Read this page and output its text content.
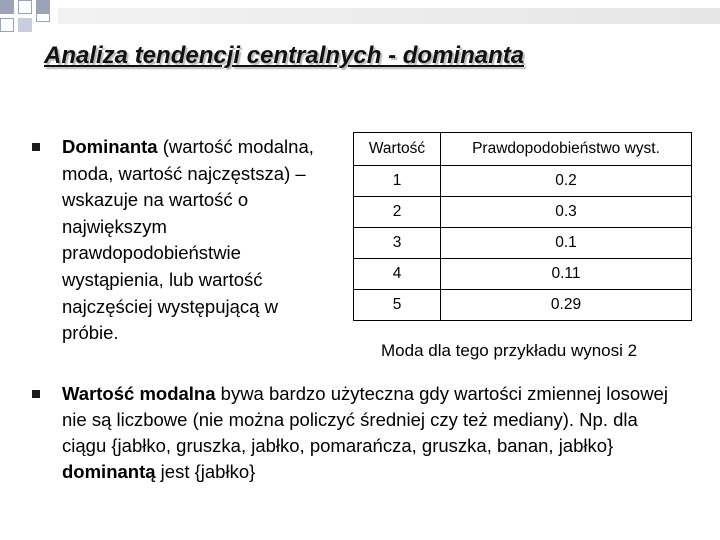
Analiza tendencji centralnych - dominanta
Dominanta (wartość modalna, moda, wartość najczęstsza) – wskazuje na wartość o największym prawdopodobieństwie wystąpienia, lub wartość najczęściej występującą w próbie.
Wartość	Prawdopodobieństwo wyst.
1	0.2
2	0.3
3	0.1
4	0.11
5	0.29
Moda dla tego przykładu wynosi 2
Wartość modalna bywa bardzo użyteczna gdy wartości zmiennej losowej nie są liczbowe (nie można policzyć średniej czy też mediany). Np. dla ciągu {jabłko, gruszka, jabłko, pomarańcza, gruszka, banan, jabłko} dominantą jest {jabłko}
